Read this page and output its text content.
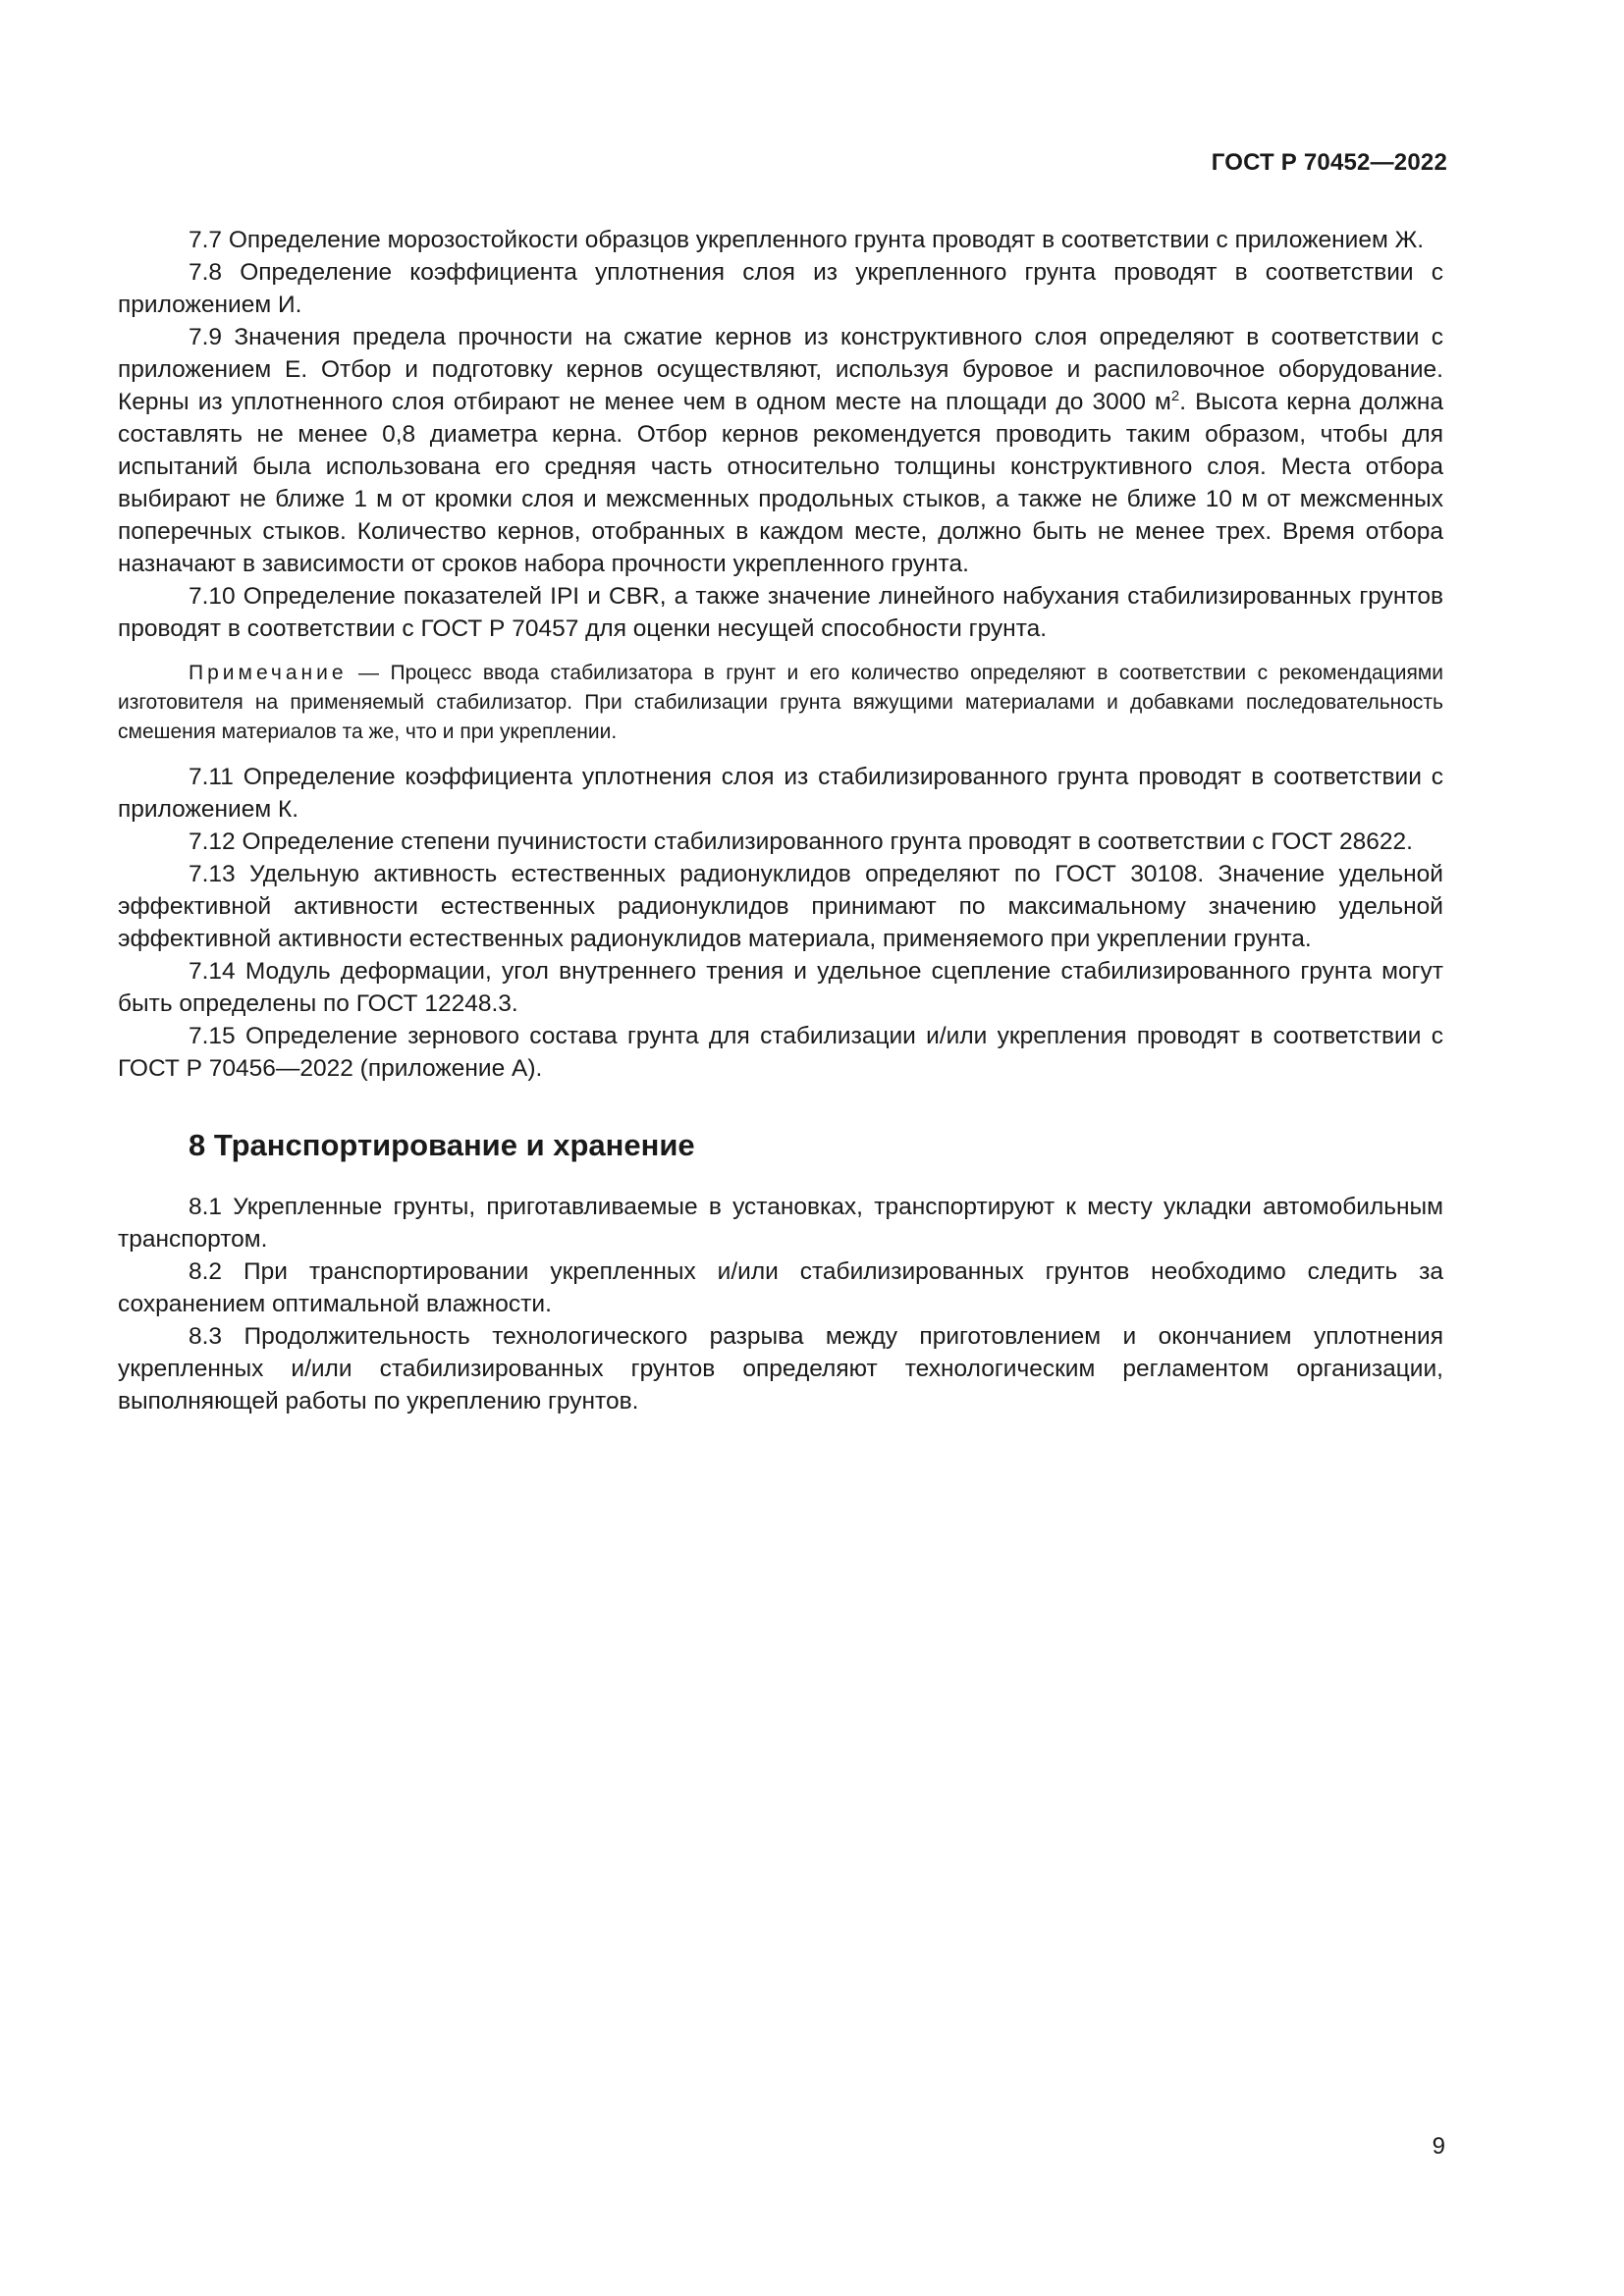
ГОСТ Р 70452—2022

7.7 Определение морозостойкости образцов укрепленного грунта проводят в соответствии с приложением Ж.

7.8 Определение коэффициента уплотнения слоя из укрепленного грунта проводят в соответствии с приложением И.

7.9 Значения предела прочности на сжатие кернов из конструктивного слоя определяют в соответствии с приложением Е. Отбор и подготовку кернов осуществляют, используя буровое и распиловочное оборудование. Керны из уплотненного слоя отбирают не менее чем в одном месте на площади до 3000 $м^2$. Высота керна должна составлять не менее 0,8 диаметра керна. Отбор кернов рекомендуется проводить таким образом, чтобы для испытаний была использована его средняя часть относительно толщины конструктивного слоя. Места отбора выбирают не ближе 1 м от кромки слоя и межсменных продольных стыков, а также не ближе 10 м от межсменных поперечных стыков. Количество кернов, отобранных в каждом месте, должно быть не менее трех. Время отбора назначают в зависимости от сроков набора прочности укрепленного грунта.

7.10 Определение показателей IPI и CBR, а также значение линейного набухания стабилизированных грунтов проводят в соответствии с ГОСТ Р 70457 для оценки несущей способности грунта.

Примечание — Процесс ввода стабилизатора в грунт и его количество определяют в соответствии с рекомендациями изготовителя на применяемый стабилизатор. При стабилизации грунта вяжущими материалами и добавками последовательность смешения материалов та же, что и при укреплении.

7.11 Определение коэффициента уплотнения слоя из стабилизированного грунта проводят в соответствии с приложением К.

7.12 Определение степени пучинистости стабилизированного грунта проводят в соответствии с ГОСТ 28622.

7.13 Удельную активность естественных радионуклидов определяют по ГОСТ 30108. Значение удельной эффективной активности естественных радионуклидов принимают по максимальному значению удельной эффективной активности естественных радионуклидов материала, применяемого при укреплении грунта.

7.14 Модуль деформации, угол внутреннего трения и удельное сцепление стабилизированного грунта могут быть определены по ГОСТ 12248.3.

7.15 Определение зернового состава грунта для стабилизации и/или укрепления проводят в соответствии с ГОСТ Р 70456—2022 (приложение А).

8 Транспортирование и хранение

8.1 Укрепленные грунты, приготавливаемые в установках, транспортируют к месту укладки автомобильным транспортом.

8.2 При транспортировании укрепленных и/или стабилизированных грунтов необходимо следить за сохранением оптимальной влажности.

8.3 Продолжительность технологического разрыва между приготовлением и окончанием уплотнения укрепленных и/или стабилизированных грунтов определяют технологическим регламентом организации, выполняющей работы по укреплению грунтов.

9
